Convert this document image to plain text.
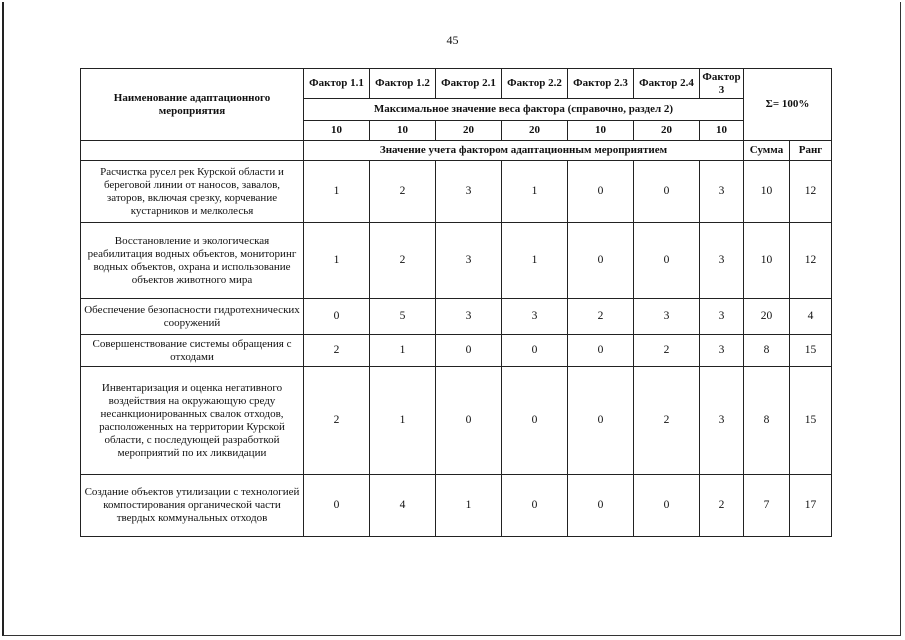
45
Наименование адаптационного мероприятия	Фактор 1.1	Фактор 1.2	Фактор 2.1	Фактор 2.2	Фактор 2.3	Фактор 2.4	Фактор 3	Σ= 100%	
	Максимальное значение веса фактора (справочно, раздел 2)								
	10	10	20	20	10	20	10		
	Значение учета фактором адаптационным мероприятием							Сумма	Ранг
Расчистка русел рек Курской области и береговой линии от наносов, завалов, заторов, включая срезку, корчевание кустарников и мелколесья	1	2	3	1	0	0	3	10	12
Восстановление и экологическая реабилитация водных объектов, мониторинг водных объектов, охрана и использование объектов животного мира	1	2	3	1	0	0	3	10	12
Обеспечение безопасности гидротехнических сооружений	0	5	3	3	2	3	3	20	4
Совершенствование системы обращения с отходами	2	1	0	0	0	2	3	8	15
Инвентаризация и оценка негативного воздействия на окружающую среду несанкционированных свалок отходов, расположенных на территории Курской области, с последующей разработкой мероприятий по их ликвидации	2	1	0	0	0	2	3	8	15
Создание объектов утилизации с технологией компостирования органической части твердых коммунальных отходов	0	4	1	0	0	0	2	7	17
